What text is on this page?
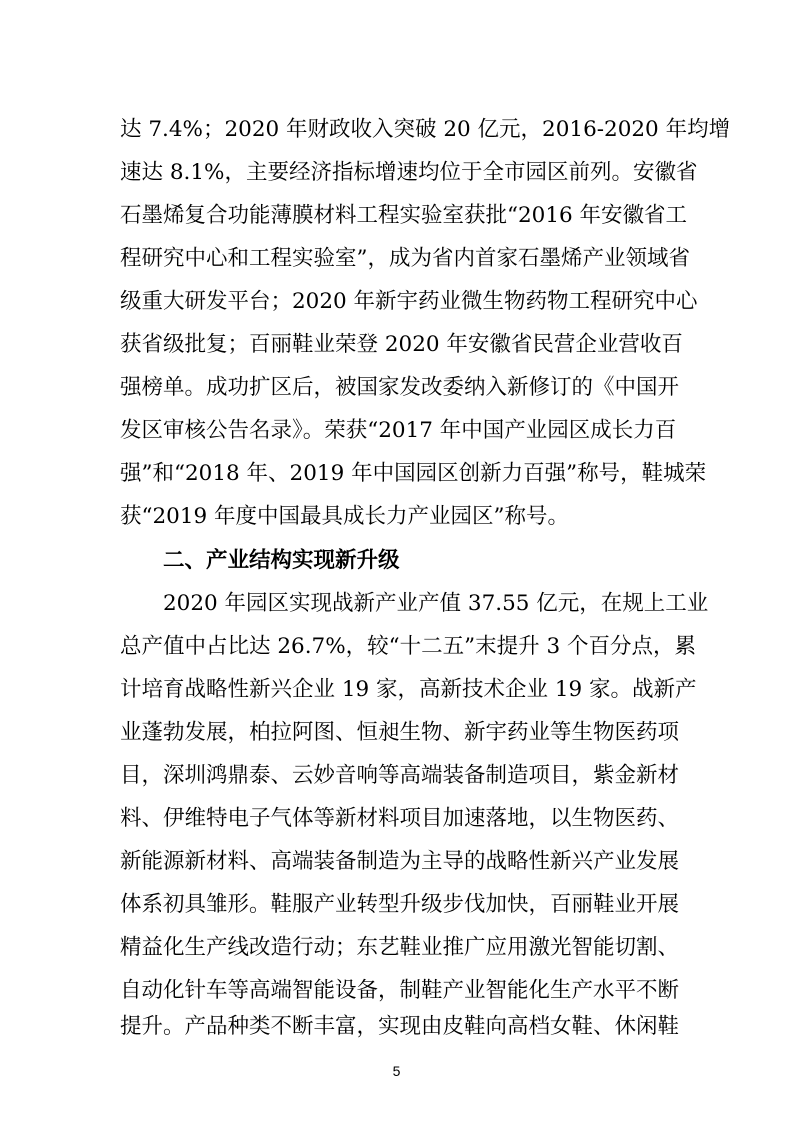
达 7.4%；2020 年财政收入突破 20 亿元，2016-2020 年均增
速达 8.1%，主要经济指标增速均位于全市园区前列。安徽省
石墨烯复合功能薄膜材料工程实验室获批“2016 年安徽省工
程研究中心和工程实验室”，成为省内首家石墨烯产业领域省
级重大研发平台；2020 年新宇药业微生物药物工程研究中心
获省级批复；百丽鞋业荣登 2020 年安徽省民营企业营收百
强榜单。成功扩区后，被国家发改委纳入新修订的《中国开
发区审核公告名录》。荣获“2017 年中国产业园区成长力百
强”和“2018 年、2019 年中国园区创新力百强”称号，鞋城荣
获“2019 年度中国最具成长力产业园区”称号。
二、产业结构实现新升级
2020 年园区实现战新产业产值 37.55 亿元，在规上工业
总产值中占比达 26.7%，较“十二五”末提升 3 个百分点，累
计培育战略性新兴企业 19 家，高新技术企业 19 家。战新产
业蓬勃发展，柏拉阿图、恒昶生物、新宇药业等生物医药项
目，深圳鸿鼎泰、云妙音响等高端装备制造项目，紫金新材
料、伊维特电子气体等新材料项目加速落地，以生物医药、
新能源新材料、高端装备制造为主导的战略性新兴产业发展
体系初具雏形。鞋服产业转型升级步伐加快，百丽鞋业开展
精益化生产线改造行动；东艺鞋业推广应用激光智能切割、
自动化针车等高端智能设备，制鞋产业智能化生产水平不断
提升。产品种类不断丰富，实现由皮鞋向高档女鞋、休闲鞋
5
